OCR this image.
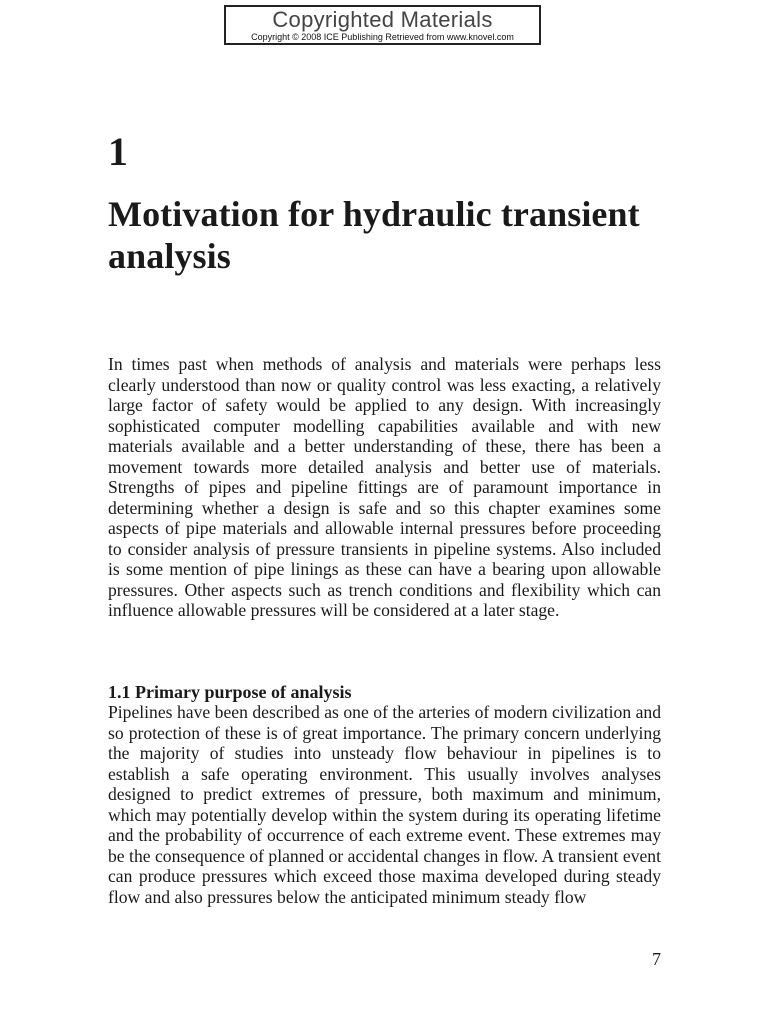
Copyrighted Materials
Copyright © 2008 ICE Publishing Retrieved from www.knovel.com
1
Motivation for hydraulic transient analysis

In times past when methods of analysis and materials were perhaps less clearly understood than now or quality control was less exacting, a relatively large factor of safety would be applied to any design. With increasingly sophisticated computer modelling capabilities available and with new materials available and a better understanding of these, there has been a movement towards more detailed analysis and better use of materials. Strengths of pipes and pipeline fittings are of paramount importance in determining whether a design is safe and so this chapter examines some aspects of pipe materials and allowable internal pressures before proceeding to consider analysis of pressure transients in pipeline systems. Also included is some mention of pipe linings as these can have a bearing upon allowable pressures. Other aspects such as trench conditions and flexibility which can influence allowable pressures will be considered at a later stage.

1.1 Primary purpose of analysis

Pipelines have been described as one of the arteries of modern civilization and so protection of these is of great importance. The primary concern underlying the majority of studies into unsteady flow behaviour in pipelines is to establish a safe operating environment. This usually involves analyses designed to predict extremes of pressure, both maximum and minimum, which may potentially develop within the system during its operating lifetime and the probability of occurrence of each extreme event. These extremes may be the consequence of planned or accidental changes in flow. A transient event can produce pressures which exceed those maxima developed during steady flow and also pressures below the anticipated minimum steady flow

7
